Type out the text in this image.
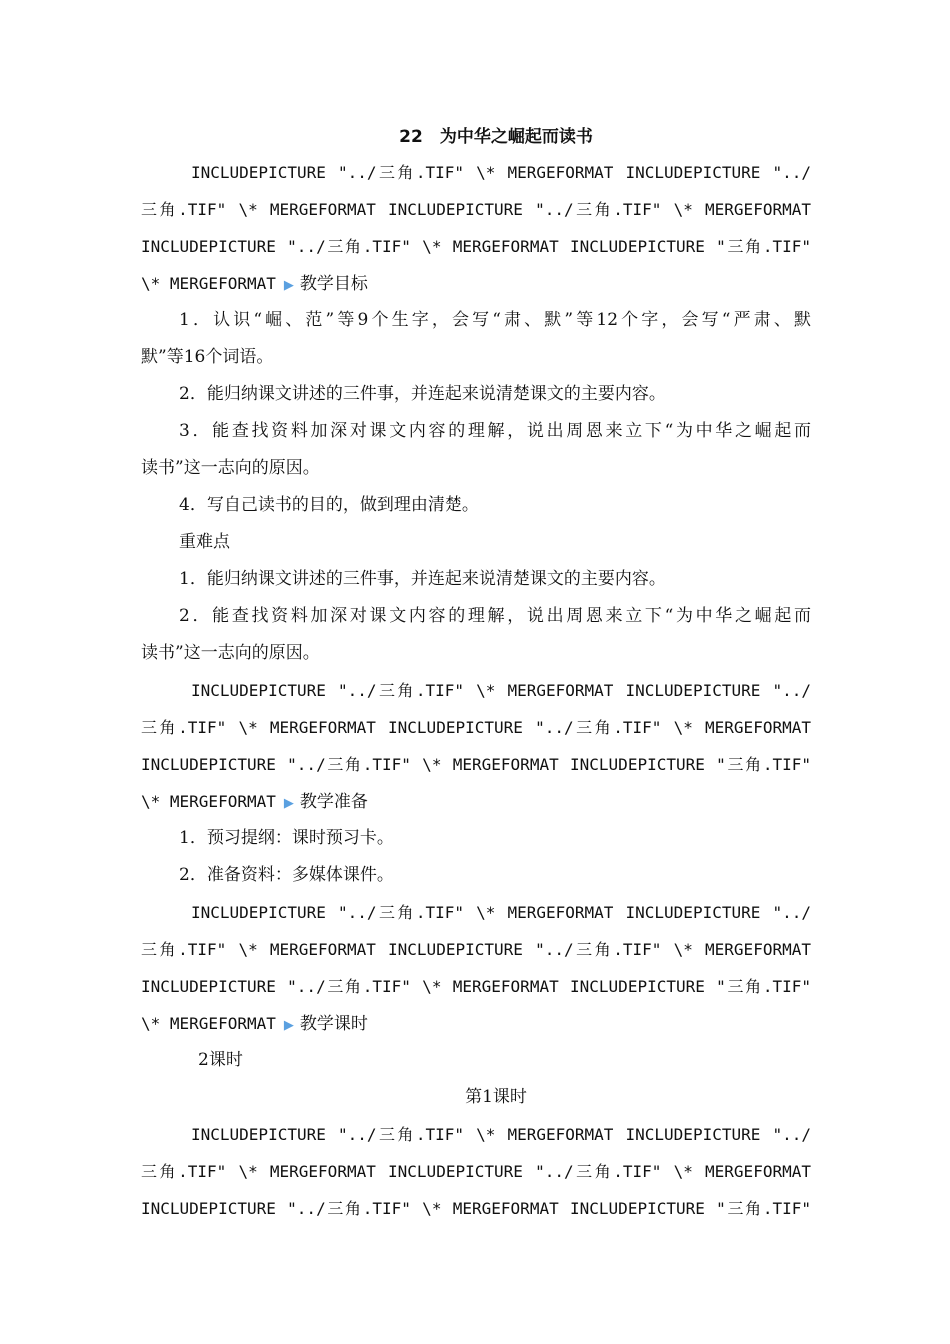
22　为中华之崛起而读书
INCLUDEPICTURE "../三角.TIF" \* MERGEFORMAT INCLUDEPICTURE "../
三角.TIF" \* MERGEFORMAT INCLUDEPICTURE "../三角.TIF" \* MERGEFORMAT
INCLUDEPICTURE "../三角.TIF" \* MERGEFORMAT INCLUDEPICTURE "三角.TIF"
\* MERGEFORMAT ▶ 教学目标
1．认识“崛、范”等9个生字，会写“肃、默”等12个字，会写“严肃、默
默”等16个词语。
2．能归纳课文讲述的三件事，并连起来说清楚课文的主要内容。
3．能查找资料加深对课文内容的理解，说出周恩来立下“为中华之崛起而
读书”这一志向的原因。
4．写自己读书的目的，做到理由清楚。
重难点
1．能归纳课文讲述的三件事，并连起来说清楚课文的主要内容。
2．能查找资料加深对课文内容的理解，说出周恩来立下“为中华之崛起而
读书”这一志向的原因。
INCLUDEPICTURE "../三角.TIF" \* MERGEFORMAT INCLUDEPICTURE "../
三角.TIF" \* MERGEFORMAT INCLUDEPICTURE "../三角.TIF" \* MERGEFORMAT
INCLUDEPICTURE "../三角.TIF" \* MERGEFORMAT INCLUDEPICTURE "三角.TIF"
\* MERGEFORMAT ▶ 教学准备
1．预习提纲：课时预习卡。
2．准备资料：多媒体课件。
INCLUDEPICTURE "../三角.TIF" \* MERGEFORMAT INCLUDEPICTURE "../
三角.TIF" \* MERGEFORMAT INCLUDEPICTURE "../三角.TIF" \* MERGEFORMAT
INCLUDEPICTURE "../三角.TIF" \* MERGEFORMAT INCLUDEPICTURE "三角.TIF"
\* MERGEFORMAT ▶ 教学课时
2课时
第1课时
INCLUDEPICTURE "../三角.TIF" \* MERGEFORMAT INCLUDEPICTURE "../
三角.TIF" \* MERGEFORMAT INCLUDEPICTURE "../三角.TIF" \* MERGEFORMAT
INCLUDEPICTURE "../三角.TIF" \* MERGEFORMAT INCLUDEPICTURE "三角.TIF"
